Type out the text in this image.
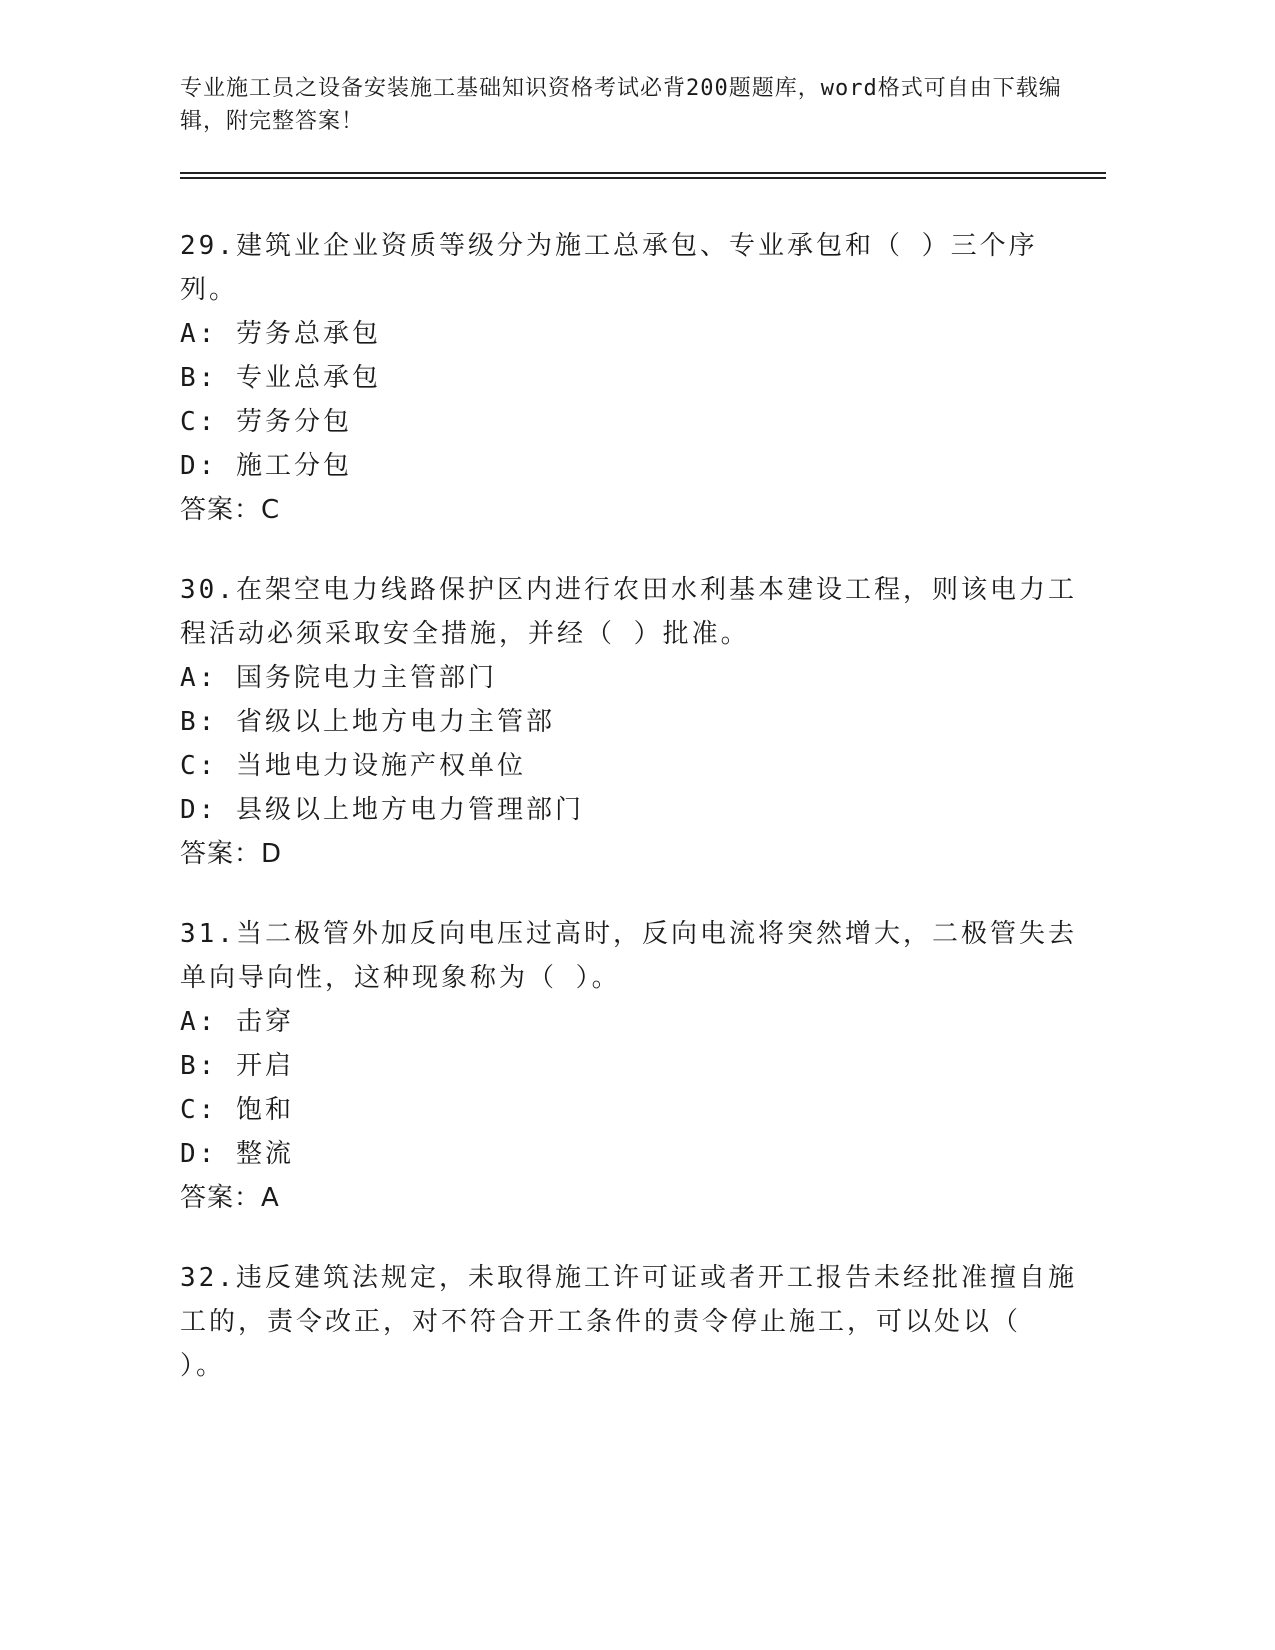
专业施工员之设备安装施工基础知识资格考试必背200题题库，word格式可自由下载编辑，附完整答案！

29.建筑业企业资质等级分为施工总承包、专业承包和（ ）三个序列。

A: 劳务总承包

B: 专业总承包

C: 劳务分包

D: 施工分包

答案：C

30.在架空电力线路保护区内进行农田水利基本建设工程，则该电力工程活动必须采取安全措施，并经（ ）批准。

A: 国务院电力主管部门

B: 省级以上地方电力主管部

C: 当地电力设施产权单位

D: 县级以上地方电力管理部门

答案：D

31.当二极管外加反向电压过高时，反向电流将突然增大，二极管失去单向导向性，这种现象称为（ ）。

A: 击穿

B: 开启

C: 饱和

D: 整流

答案：A

32.违反建筑法规定，未取得施工许可证或者开工报告未经批准擅自施工的，责令改正，对不符合开工条件的责令停止施工，可以处以（ ）。
